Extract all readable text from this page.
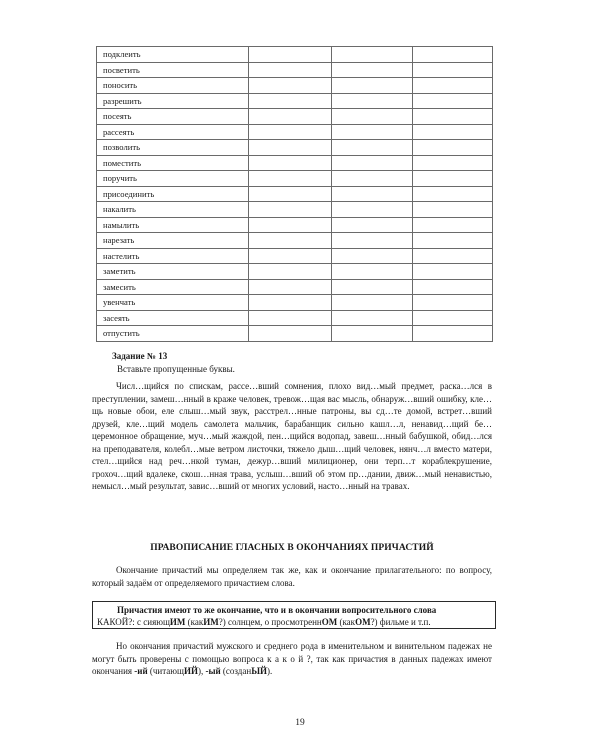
подклеить			
посветить			
поносить			
разрешить			
посеять			
рассеять			
позволить			
поместить			
поручить			
присоединить			
накалить			
намылить			
нарезать			
настелить			
заметить			
замесить			
увенчать			
засеять			
отпустить			
Задание № 13
Вставьте пропущенные буквы.

Числ…щийся по спискам, рассе…вший сомнения, плохо вид…мый предмет, раска…лся в преступлении, замеш…нный в краже человек, тревож…щая вас мысль, обнаруж…вший ошибку, кле…щь новые обои, еле слыш…мый звук, расстрел…нные патроны, вы сд…те домой, встрет…вший друзей, кле…щий модель самолета мальчик, барабанщик сильно кашл…л, ненавид…щий бе…церемонное обращение, муч…мый жаждой, пен…щийся водопад, завеш…нный бабушкой, обид…лся на преподавателя, колебл…мые ветром листочки, тяжело дыш…щий человек, нянч…л вместо матери, стел…щийся над реч…нкой туман, дежур…вший милиционер, они терп…т кораблекрушение, грохоч…щий вдалеке, скош…нная трава, услыш…вший об этом пр…дании, движ…мый ненавистью, немысл…мый результат, завис…вший от многих условий, насто…нный на травах.

ПРАВОПИСАНИЕ ГЛАСНЫХ В ОКОНЧАНИЯХ ПРИЧАСТИЙ

Окончание причастий мы определяем так же, как и окончание прилагательного: по вопросу, который задаём от определяемого причастием слова.

Причастия имеют то же окончание, что и в окончании вопросительного слова
КАКОЙ?: с сияющИМ (какИМ?) солнцем, о просмотреннОМ (какОМ?) фильме и т.п.

Но окончания причастий мужского и среднего рода в именительном и винительном падежах не могут быть проверены с помощью вопроса к а к о й ?, так как причастия в данных падежах имеют окончания -ий (читающИЙ), -ый (созданЫЙ).

19
